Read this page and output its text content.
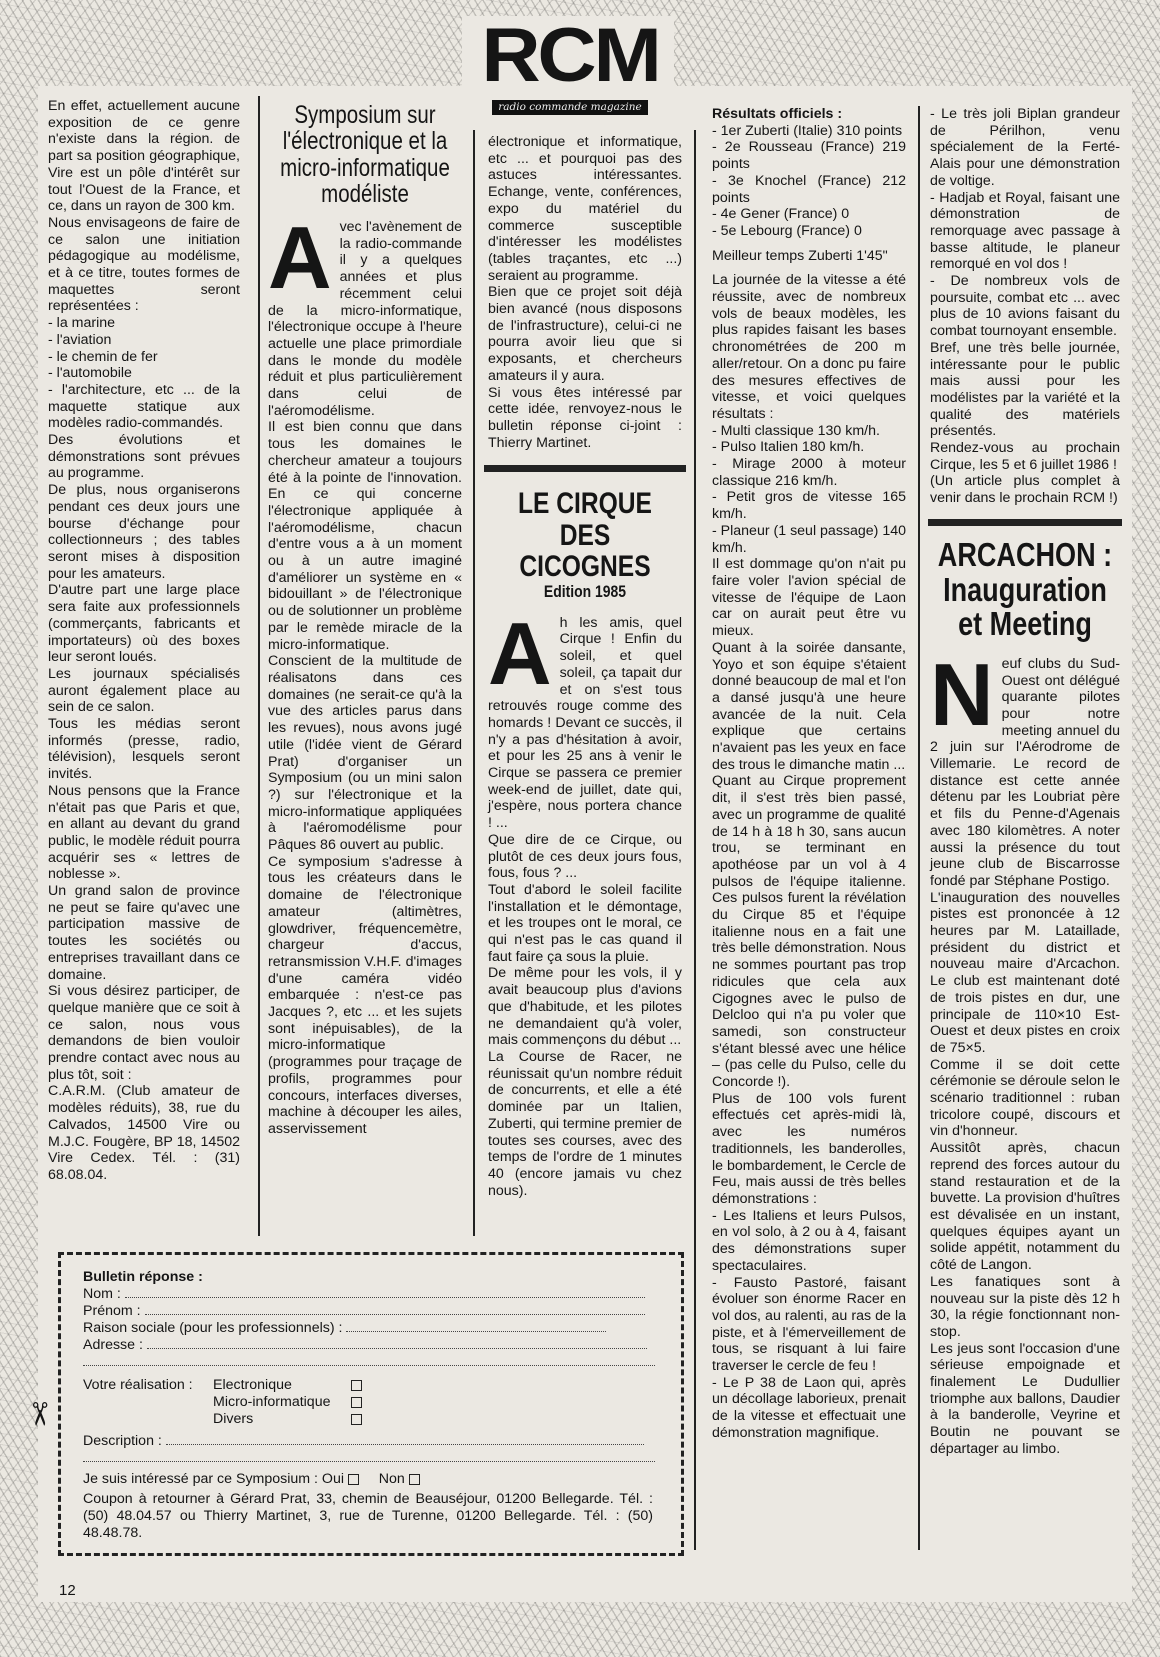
RCM
radio commande magazine

En effet, actuellement aucune exposition de ce genre n'existe dans la région. de part sa position géographique, Vire est un pôle d'intérêt sur tout l'Ouest de la France, et ce, dans un rayon de 300 km.

Nous envisageons de faire de ce salon une initiation pédagogique au modélisme, et à ce titre, toutes formes de maquettes seront représentées :

- la marine

- l'aviation

- le chemin de fer

- l'automobile

- l'architecture, etc ... de la maquette statique aux modèles radio-commandés.

Des évolutions et démonstrations sont prévues au programme.

De plus, nous organiserons pendant ces deux jours une bourse d'échange pour collectionneurs ; des tables seront mises à disposition pour les amateurs.

D'autre part une large place sera faite aux professionnels (commerçants, fabricants et importateurs) où des boxes leur seront loués.

Les journaux spécialisés auront également place au sein de ce salon.

Tous les médias seront informés (presse, radio, télévision), lesquels seront invités.

Nous pensons que la France n'était pas que Paris et que, en allant au devant du grand public, le modèle réduit pourra acquérir ses « lettres de noblesse ».

Un grand salon de province ne peut se faire qu'avec une participation massive de toutes les sociétés ou entreprises travaillant dans ce domaine.

Si vous désirez participer, de quelque manière que ce soit à ce salon, nous vous demandons de bien vouloir prendre contact avec nous au plus tôt, soit :

C.A.R.M. (Club amateur de modèles réduits), 38, rue du Calvados, 14500 Vire ou M.J.C. Fougère, BP 18, 14502 Vire Cedex. Tél. : (31) 68.08.04.

Symposium sur l'électronique et la micro-informatique modéliste
A vec l'avènement de la radio-commande il y a quelques années et plus récemment celui de la micro-informatique, l'électronique occupe à l'heure actuelle une place primordiale dans le monde du modèle réduit et plus particulièrement dans celui de l'aéromodélisme.

Il est bien connu que dans tous les domaines le chercheur amateur a toujours été à la pointe de l'innovation. En ce qui concerne l'électronique appliquée à l'aéromodélisme, chacun d'entre vous a à un moment ou à un autre imaginé d'améliorer un système en « bidouillant » de l'électronique ou de solutionner un problème par le remède miracle de la micro-informatique.

Conscient de la multitude de réalisatons dans ces domaines (ne serait-ce qu'à la vue des articles parus dans les revues), nous avons jugé utile (l'idée vient de Gérard Prat) d'organiser un Symposium (ou un mini salon ?) sur l'électronique et la micro-informatique appliquées à l'aéromodélisme pour Pâques 86 ouvert au public.

Ce symposium s'adresse à tous les créateurs dans le domaine de l'électronique amateur (altimètres, glowdriver, fréquencemètre, chargeur d'accus, retransmission V.H.F. d'images d'une caméra vidéo embarquée : n'est-ce pas Jacques ?, etc ... et les sujets sont inépuisables), de la micro-informatique (programmes pour traçage de profils, programmes pour concours, interfaces diverses, machine à découper les ailes, asservissement

électronique et informatique, etc ... et pourquoi pas des astuces intéressantes. Echange, vente, conférences, expo du matériel du commerce susceptible d'intéresser les modélistes (tables traçantes, etc ...) seraient au programme.

Bien que ce projet soit déjà bien avancé (nous disposons de l'infrastructure), celui-ci ne pourra avoir lieu que si exposants, et chercheurs amateurs il y aura.

Si vous êtes intéressé par cette idée, renvoyez-nous le bulletin réponse ci-joint : Thierry Martinet.

LE CIRQUE DES CICOGNES
Edition 1985
A h les amis, quel Cirque ! Enfin du soleil, et quel soleil, ça tapait dur et on s'est tous retrouvés rouge comme des homards ! Devant ce succès, il n'y a pas d'hésitation à avoir, et pour les 25 ans à venir le Cirque se passera ce premier week-end de juillet, date qui, j'espère, nous portera chance ! ...

Que dire de ce Cirque, ou plutôt de ces deux jours fous, fous, fous ? ...

Tout d'abord le soleil facilite l'installation et le démontage, et les troupes ont le moral, ce qui n'est pas le cas quand il faut faire ça sous la pluie.

De même pour les vols, il y avait beaucoup plus d'avions que d'habitude, et les pilotes ne demandaient qu'à voler, mais commençons du début ...

La Course de Racer, ne réunissait qu'un nombre réduit de concurrents, et elle a été dominée par un Italien, Zuberti, qui termine premier de toutes ses courses, avec des temps de l'ordre de 1 minutes 40 (encore jamais vu chez nous).

Résultats officiels :

- 1er Zuberti (Italie) 310 points

- 2e Rousseau (France) 219 points

- 3e Knochel (France) 212 points

- 4e Gener (France) 0

- 5e Lebourg (France) 0

Meilleur temps Zuberti 1'45"

La journée de la vitesse a été réussite, avec de nombreux vols de beaux modèles, les plus rapides faisant les bases chronométrées de 200 m aller/retour. On a donc pu faire des mesures effectives de vitesse, et voici quelques résultats :

- Multi classique 130 km/h.

- Pulso Italien 180 km/h.

- Mirage 2000 à moteur classique 216 km/h.

- Petit gros de vitesse 165 km/h.

- Planeur (1 seul passage) 140 km/h.

Il est dommage qu'on n'ait pu faire voler l'avion spécial de vitesse de l'équipe de Laon car on aurait peut être vu mieux.

Quant à la soirée dansante, Yoyo et son équipe s'étaient donné beaucoup de mal et l'on a dansé jusqu'à une heure avancée de la nuit. Cela explique que certains n'avaient pas les yeux en face des trous le dimanche matin ...

Quant au Cirque proprement dit, il s'est très bien passé, avec un programme de qualité de 14 h à 18 h 30, sans aucun trou, se terminant en apothéose par un vol à 4 pulsos de l'équipe italienne. Ces pulsos furent la révélation du Cirque 85 et l'équipe italienne nous en a fait une très belle démonstration. Nous ne sommes pourtant pas trop ridicules que cela aux Cigognes avec le pulso de Delcloo qui n'a pu voler que samedi, son constructeur s'étant blessé avec une hélice – (pas celle du Pulso, celle du Concorde !).

Plus de 100 vols furent effectués cet après-midi là, avec les numéros traditionnels, les banderolles, le bombardement, le Cercle de Feu, mais aussi de très belles démonstrations :

- Les Italiens et leurs Pulsos, en vol solo, à 2 ou à 4, faisant des démonstrations super spectaculaires.

- Fausto Pastoré, faisant évoluer son énorme Racer en vol dos, au ralenti, au ras de la piste, et à l'émerveillement de tous, se risquant à lui faire traverser le cercle de feu !

- Le P 38 de Laon qui, après un décollage laborieux, prenait de la vitesse et effectuait une démonstration magnifique.

- Le très joli Biplan grandeur de Périlhon, venu spécialement de la Ferté-Alais pour une démonstration de voltige.

- Hadjab et Royal, faisant une démonstration de remorquage avec passage à basse altitude, le planeur remorqué en vol dos !

- De nombreux vols de poursuite, combat etc ... avec plus de 10 avions faisant du combat tournoyant ensemble.

Bref, une très belle journée, intéressante pour le public mais aussi pour les modélistes par la variété et la qualité des matériels présentés.

Rendez-vous au prochain Cirque, les 5 et 6 juillet 1986 !

(Un article plus complet à venir dans le prochain RCM !)

ARCACHON : Inauguration et Meeting
N euf clubs du Sud-Ouest ont délégué quarante pilotes pour notre meeting annuel du 2 juin sur l'Aérodrome de Villemarie. Le record de distance est cette année détenu par les Loubriat père et fils du Penne-d'Agenais avec 180 kilomètres. A noter aussi la présence du tout jeune club de Biscarrosse fondé par Stéphane Postigo.

L'inauguration des nouvelles pistes est prononcée à 12 heures par M. Lataillade, président du district et nouveau maire d'Arcachon. Le club est maintenant doté de trois pistes en dur, une principale de 110×10 Est-Ouest et deux pistes en croix de 75×5.

Comme il se doit cette cérémonie se déroule selon le scénario traditionnel : ruban tricolore coupé, discours et vin d'honneur.

Aussitôt après, chacun reprend des forces autour du stand restauration et de la buvette. La provision d'huîtres est dévalisée en un instant, quelques équipes ayant un solide appétit, notamment du côté de Langon.

Les fanatiques sont à nouveau sur la piste dès 12 h 30, la régie fonctionnant non-stop.

Les jeus sont l'occasion d'une sérieuse empoignade et finalement Le Dudullier triomphe aux ballons, Daudier à la banderolle, Veyrine et Boutin ne pouvant se départager au limbo.

Bulletin réponse :
Nom :
Prénom :
Raison sociale (pour les professionnels) :
Adresse :
Votre réalisation : Electronique
Micro-informatique
Divers
Description :
Je suis intéressé par ce Symposium : Oui Non
Coupon à retourner à Gérard Prat, 33, chemin de Beauséjour, 01200 Bellegarde. Tél. : (50) 48.04.57 ou Thierry Martinet, 3, rue de Turenne, 01200 Bellegarde. Tél. : (50) 48.48.78.
✂
12
